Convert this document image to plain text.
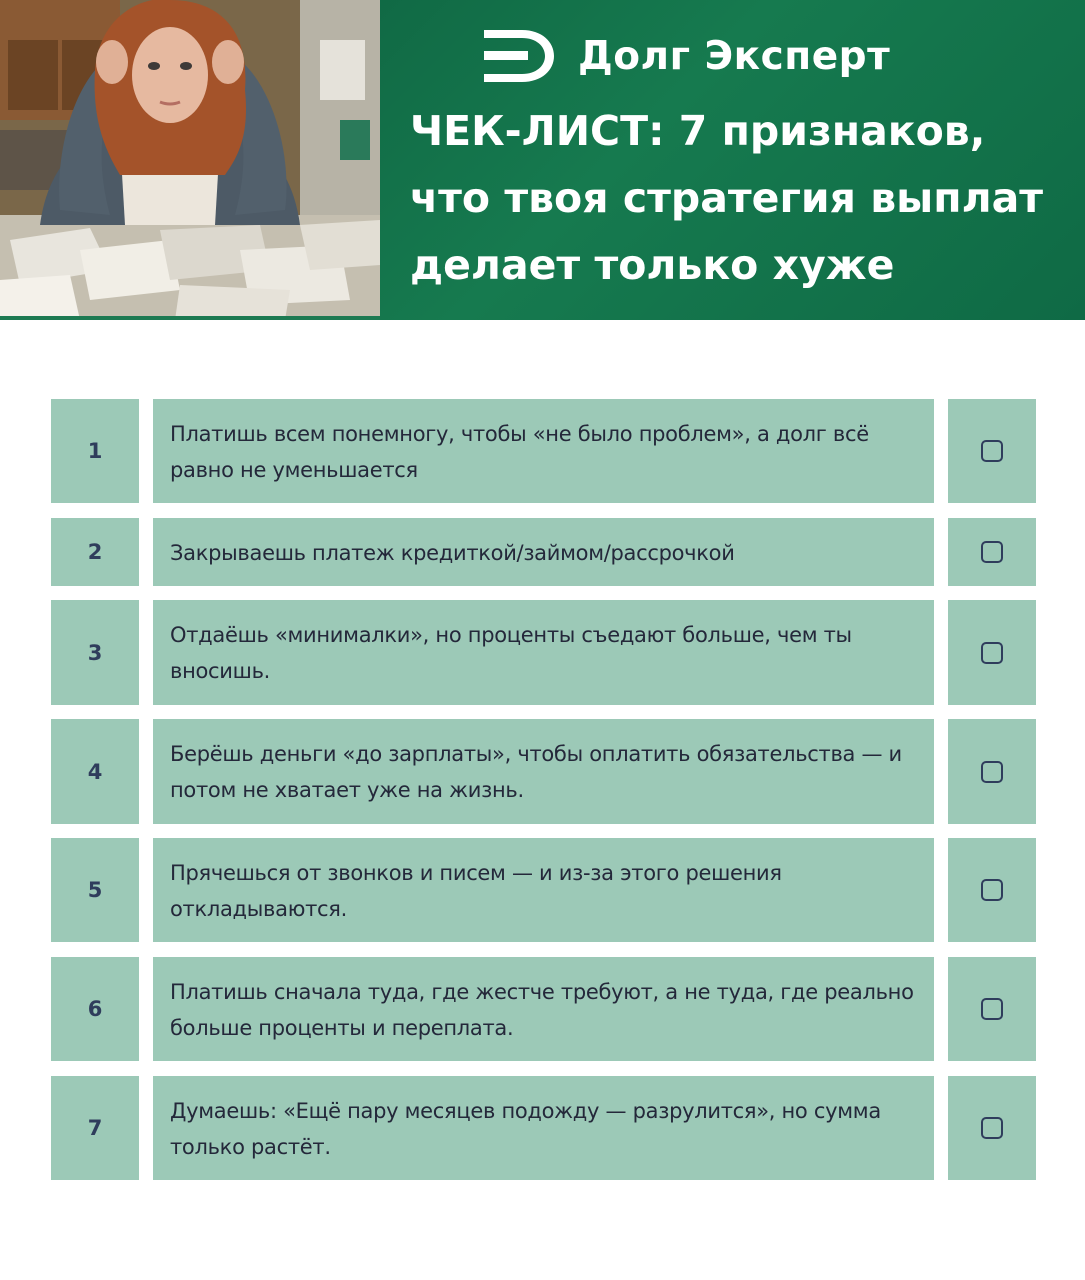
Долг Эксперт
ЧЕК-ЛИСТ: 7 признаков,
что твоя стратегия выплат
делает только хуже
1
Платишь всем понемногу, чтобы «не было проблем», а долг всё равно не уменьшается
2	Закрываешь платеж кредиткой/займом/рассрочкой
3
Отдаёшь «минималки», но проценты съедают больше, чем ты вносишь.
4
Берёшь деньги «до зарплаты», чтобы оплатить обязательства — и потом не хватает уже на жизнь.
5
Прячешься от звонков и писем — и из-за этого решения откладываются.
6
Платишь сначала туда, где жестче требуют, а не туда, где реально больше проценты и переплата.
7
Думаешь: «Ещё пару месяцев подожду — разрулится», но сумма только растёт.
